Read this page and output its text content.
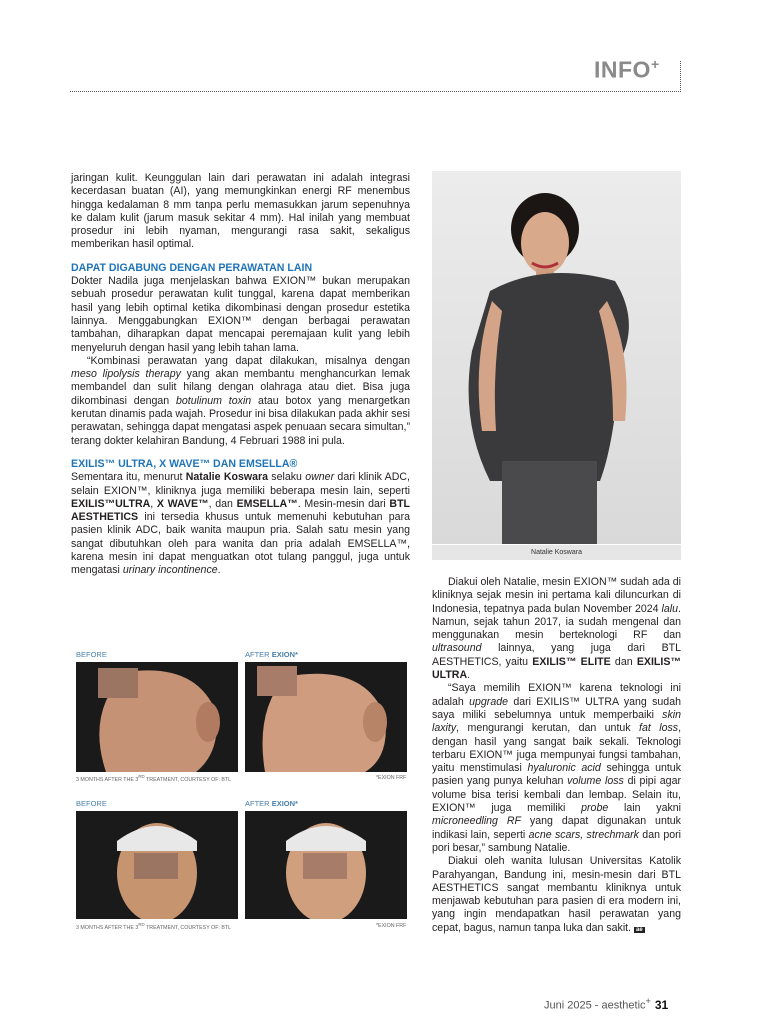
INFO+

jaringan kulit. Keunggulan lain dari perawatan ini adalah integrasi kecerdasan buatan (AI), yang memungkinkan energi RF menembus hingga kedalaman 8 mm tanpa perlu memasukkan jarum sepenuhnya ke dalam kulit (jarum masuk sekitar 4 mm). Hal inilah yang membuat prosedur ini lebih nyaman, mengurangi rasa sakit, sekaligus memberikan hasil optimal.

DAPAT DIGABUNG DENGAN PERAWATAN LAIN

Dokter Nadila juga menjelaskan bahwa EXION™ bukan merupakan sebuah prosedur perawatan kulit tunggal, karena dapat memberikan hasil yang lebih optimal ketika dikombinasi dengan prosedur estetika lainnya. Menggabungkan EXION™ dengan berbagai perawatan tambahan, diharapkan dapat mencapai peremajaan kulit yang lebih menyeluruh dengan hasil yang lebih tahan lama.

“Kombinasi perawatan yang dapat dilakukan, misalnya dengan meso lipolysis therapy yang akan membantu menghancurkan lemak membandel dan sulit hilang dengan olahraga atau diet. Bisa juga dikombinasi dengan botulinum toxin atau botox yang menargetkan kerutan dinamis pada wajah. Prosedur ini bisa dilakukan pada akhir sesi perawatan, sehingga dapat mengatasi aspek penuaan secara simultan,” terang dokter kelahiran Bandung, 4 Februari 1988 ini pula.

EXILIS™ ULTRA, X WAVE™ DAN EMSELLA®

Sementara itu, menurut Natalie Koswara selaku owner dari klinik ADC, selain EXION™, kliniknya juga memiliki beberapa mesin lain, seperti EXILIS™ULTRA, X WAVE™, dan EMSELLA™. Mesin-mesin dari BTL AESTHETICS ini tersedia khusus untuk memenuhi kebutuhan para pasien klinik ADC, baik wanita maupun pria. Salah satu mesin yang sangat dibutuhkan oleh para wanita dan pria adalah EMSELLA™, karena mesin ini dapat menguatkan otot tulang panggul, juga untuk mengatasi urinary incontinence.

Natalie Koswara

Diakui oleh Natalie, mesin EXION™ sudah ada di kliniknya sejak mesin ini pertama kali diluncurkan di Indonesia, tepatnya pada bulan November 2024 lalu. Namun, sejak tahun 2017, ia sudah mengenal dan menggunakan mesin berteknologi RF dan ultrasound lainnya, yang juga dari BTL AESTHETICS, yaitu EXILIS™ ELITE dan EXILIS™ ULTRA.

“Saya memilih EXION™ karena teknologi ini adalah upgrade dari EXILIS™ ULTRA yang sudah saya miliki sebelumnya untuk memperbaiki skin laxity, mengurangi kerutan, dan untuk fat loss, dengan hasil yang sangat baik sekali. Teknologi terbaru EXION™ juga mempunyai fungsi tambahan, yaitu menstimulasi hyaluronic acid sehingga untuk pasien yang punya keluhan volume loss di pipi agar volume bisa terisi kembali dan lembap. Selain itu, EXION™ juga memiliki probe lain yakni microneedling RF yang dapat digunakan untuk indikasi lain, seperti acne scars, strechmark dan pori pori besar,” sambung Natalie.

Diakui oleh wanita lulusan Universitas Katolik Parahyangan, Bandung ini, mesin-mesin dari BTL AESTHETICS sangat membantu kliniknya untuk menjawab kebutuhan para pasien di era modern ini, yang ingin mendapatkan hasil perawatan yang cepat, bagus, namun tanpa luka dan sakit. ae

BEFORE	AFTER EXION*
3 MONTHS AFTER THE 3RD TREATMENT, COURTESY OF: BTL	*EXION FRF
BEFORE	AFTER EXION*
3 MONTHS AFTER THE 3RD TREATMENT, COURTESY OF: BTL	*EXION FRF
Juni 2025 - aesthetic+ 31
